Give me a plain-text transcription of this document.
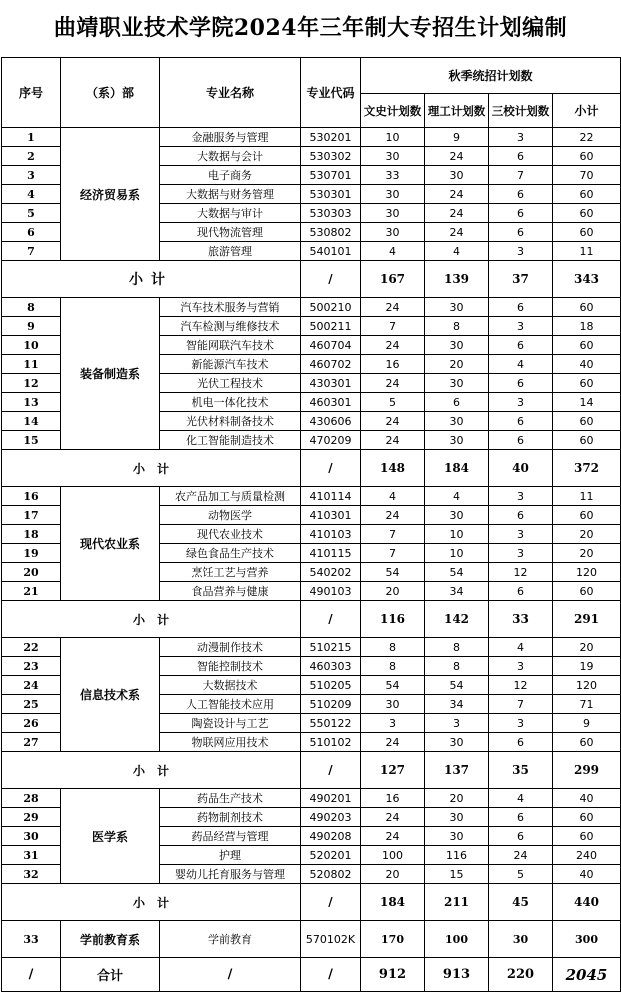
曲靖职业技术学院2024年三年制大专招生计划编制
序号	（系）部	专业名称	专业代码	秋季统招计划数			
				文史计划数	理工计划数	三校计划数	小计
1	经济贸易系	金融服务与管理	530201	10	9	3	22
2		大数据与会计	530302	30	24	6	60
3		电子商务	530701	33	30	7	70
4		大数据与财务管理	530301	30	24	6	60
5		大数据与审计	530303	30	24	6	60
6		现代物流管理	530802	30	24	6	60
7		旅游管理	540101	4	4	3	11
小计			/	167	139	37	343
8	装备制造系	汽车技术服务与营销	500210	24	30	6	60
9		汽车检测与维修技术	500211	7	8	3	18
10		智能网联汽车技术	460704	24	30	6	60
11		新能源汽车技术	460702	16	20	4	40
12		光伏工程技术	430301	24	30	6	60
13		机电一体化技术	460301	5	6	3	14
14		光伏材料制备技术	430606	24	30	6	60
15		化工智能制造技术	470209	24	30	6	60
小　计			/	148	184	40	372
16	现代农业系	农产品加工与质量检测	410114	4	4	3	11
17		动物医学	410301	24	30	6	60
18		现代农业技术	410103	7	10	3	20
19		绿色食品生产技术	410115	7	10	3	20
20		烹饪工艺与营养	540202	54	54	12	120
21		食品营养与健康	490103	20	34	6	60
小　计			/	116	142	33	291
22	信息技术系	动漫制作技术	510215	8	8	4	20
23		智能控制技术	460303	8	8	3	19
24		大数据技术	510205	54	54	12	120
25		人工智能技术应用	510209	30	34	7	71
26		陶瓷设计与工艺	550122	3	3	3	9
27		物联网应用技术	510102	24	30	6	60
小　计			/	127	137	35	299
28	医学系	药品生产技术	490201	16	20	4	40
29		药物制剂技术	490203	24	30	6	60
30		药品经营与管理	490208	24	30	6	60
31		护理	520201	100	116	24	240
32		婴幼儿托育服务与管理	520802	20	15	5	40
小　计			/	184	211	45	440
33	学前教育系	学前教育	570102K	170	100	30	300
/	合计	/	/	912	913	220	2045
